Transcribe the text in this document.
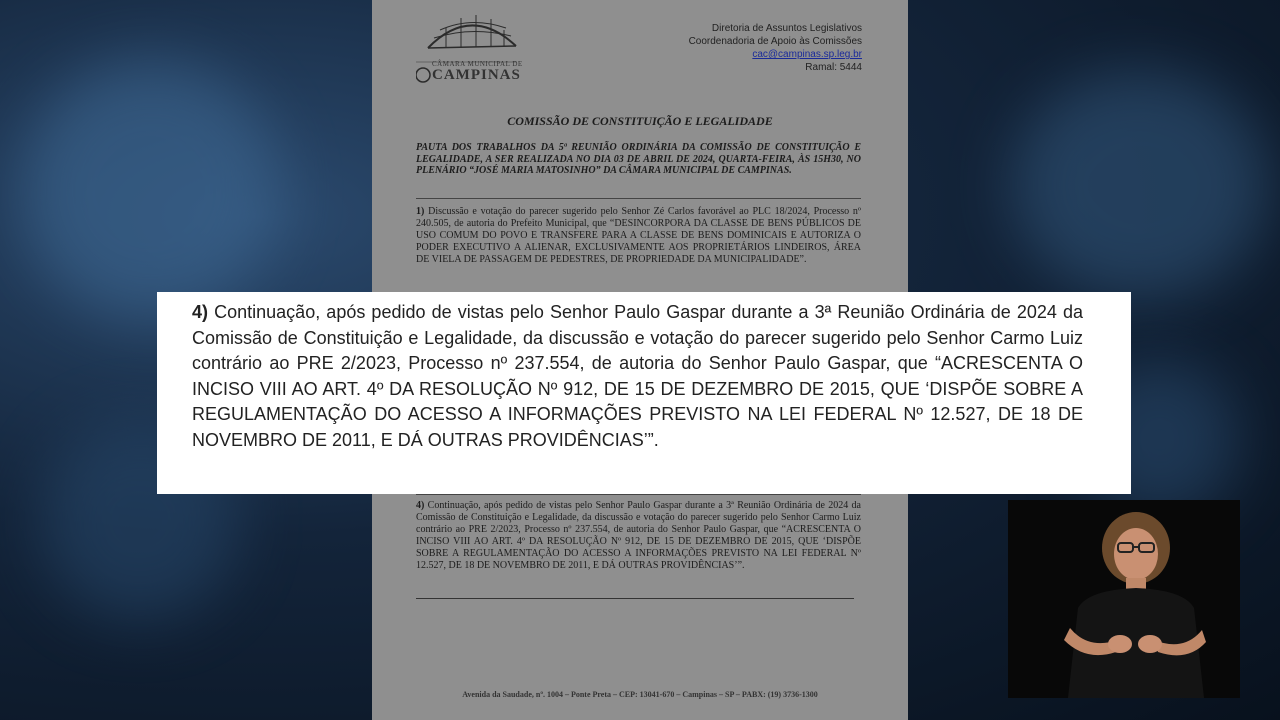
CÂMARA MUNICIPAL DE
CAMPINAS
Diretoria de Assuntos Legislativos
Coordenadoria de Apoio às Comissões
cac@campinas.sp.leg.br
Ramal: 5444
COMISSÃO DE CONSTITUIÇÃO E LEGALIDADE
PAUTA DOS TRABALHOS DA 5ª REUNIÃO ORDINÁRIA DA COMISSÃO DE CONSTITUIÇÃO E LEGALIDADE, A SER REALIZADA NO DIA 03 DE ABRIL DE 2024, QUARTA-FEIRA, ÀS 15H30, NO PLENÁRIO “JOSÉ MARIA MATOSINHO” DA CÂMARA MUNICIPAL DE CAMPINAS.
1) Discussão e votação do parecer sugerido pelo Senhor Zé Carlos favorável ao PLC 18/2024, Processo nº 240.505, de autoria do Prefeito Municipal, que “DESINCORPORA DA CLASSE DE BENS PÚBLICOS DE USO COMUM DO POVO E TRANSFERE PARA A CLASSE DE BENS DOMINICAIS E AUTORIZA O PODER EXECUTIVO A ALIENAR, EXCLUSIVAMENTE AOS PROPRIETÁRIOS LINDEIROS, ÁREA DE VIELA DE PASSAGEM DE PEDESTRES, DE PROPRIEDADE DA MUNICIPALIDADE”.
4) Continuação, após pedido de vistas pelo Senhor Paulo Gaspar durante a 3ª Reunião Ordinária de 2024 da Comissão de Constituição e Legalidade, da discussão e votação do parecer sugerido pelo Senhor Carmo Luiz contrário ao PRE 2/2023, Processo nº 237.554, de autoria do Senhor Paulo Gaspar, que “ACRESCENTA O INCISO VIII AO ART. 4º DA RESOLUÇÃO Nº 912, DE 15 DE DEZEMBRO DE 2015, QUE ‘DISPÕE SOBRE A REGULAMENTAÇÃO DO ACESSO A INFORMAÇÕES PREVISTO NA LEI FEDERAL Nº 12.527, DE 18 DE NOVEMBRO DE 2011, E DÁ OUTRAS PROVIDÊNCIAS’”.
Avenida da Saudade, nº. 1004 – Ponte Preta – CEP: 13041-670 – Campinas – SP – PABX: (19) 3736-1300
4) Continuação, após pedido de vistas pelo Senhor Paulo Gaspar durante a 3ª Reunião Ordinária de 2024 da Comissão de Constituição e Legalidade, da discussão e votação do parecer sugerido pelo Senhor Carmo Luiz contrário ao PRE 2/2023, Processo nº 237.554, de autoria do Senhor Paulo Gaspar, que “ACRESCENTA O INCISO VIII AO ART. 4º DA RESOLUÇÃO Nº 912, DE 15 DE DEZEMBRO DE 2015, QUE ‘DISPÕE SOBRE A REGULAMENTAÇÃO DO ACESSO A INFORMAÇÕES PREVISTO NA LEI FEDERAL Nº 12.527, DE 18 DE NOVEMBRO DE 2011, E DÁ OUTRAS PROVIDÊNCIAS’”.
